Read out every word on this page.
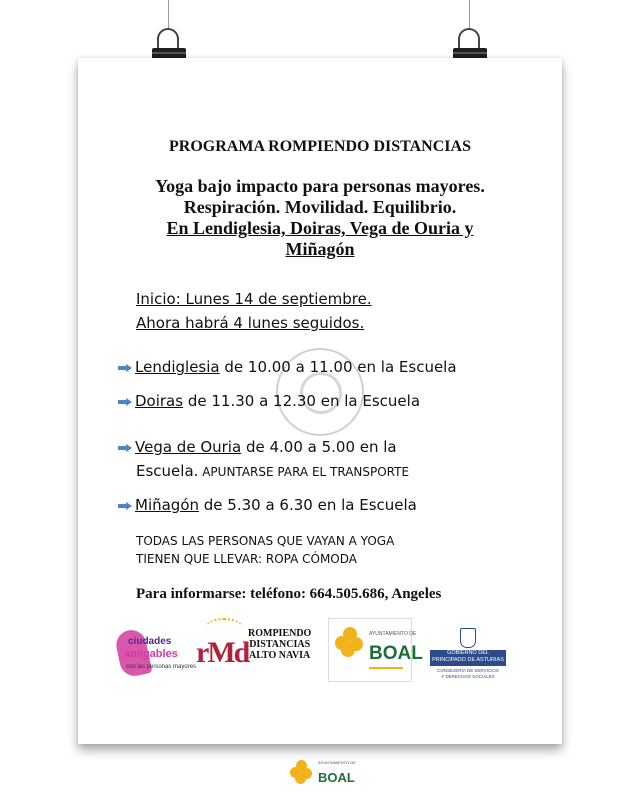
PROGRAMA ROMPIENDO DISTANCIAS
Yoga bajo impacto para personas mayores.
Respiración. Movilidad. Equilibrio.
En Lendiglesia, Doiras, Vega de Ouria y
Miñagón
Inicio: Lunes 14 de septiembre.
Ahora habrá 4 lunes seguidos.
Lendiglesia de 10.00 a 11.00 en la Escuela
Doiras de 11.30 a 12.30 en la Escuela
Vega de Ouria de 4.00 a 5.00 en la
Escuela. APUNTARSE PARA EL TRANSPORTE
Miñagón de 5.30 a 6.30 en la Escuela
TODAS LAS PERSONAS QUE VAYAN A YOGA
TIENEN QUE LLEVAR: ROPA CÓMODA
Para informarse: teléfono: 664.505.686, Angeles
ciudades
amigables
con las personas mayores rMd
ROMPIENDO
DISTANCIAS
ALTO NAVIA
AYUNTAMIENTO DE
BOAL	GOBIERNO DEL
PRINCIPADO DE ASTURIAS
CONSEJERÍA DE SERVICIOS
Y DERECHOS SOCIALES
AYUNTAMIENTO DE
BOAL
